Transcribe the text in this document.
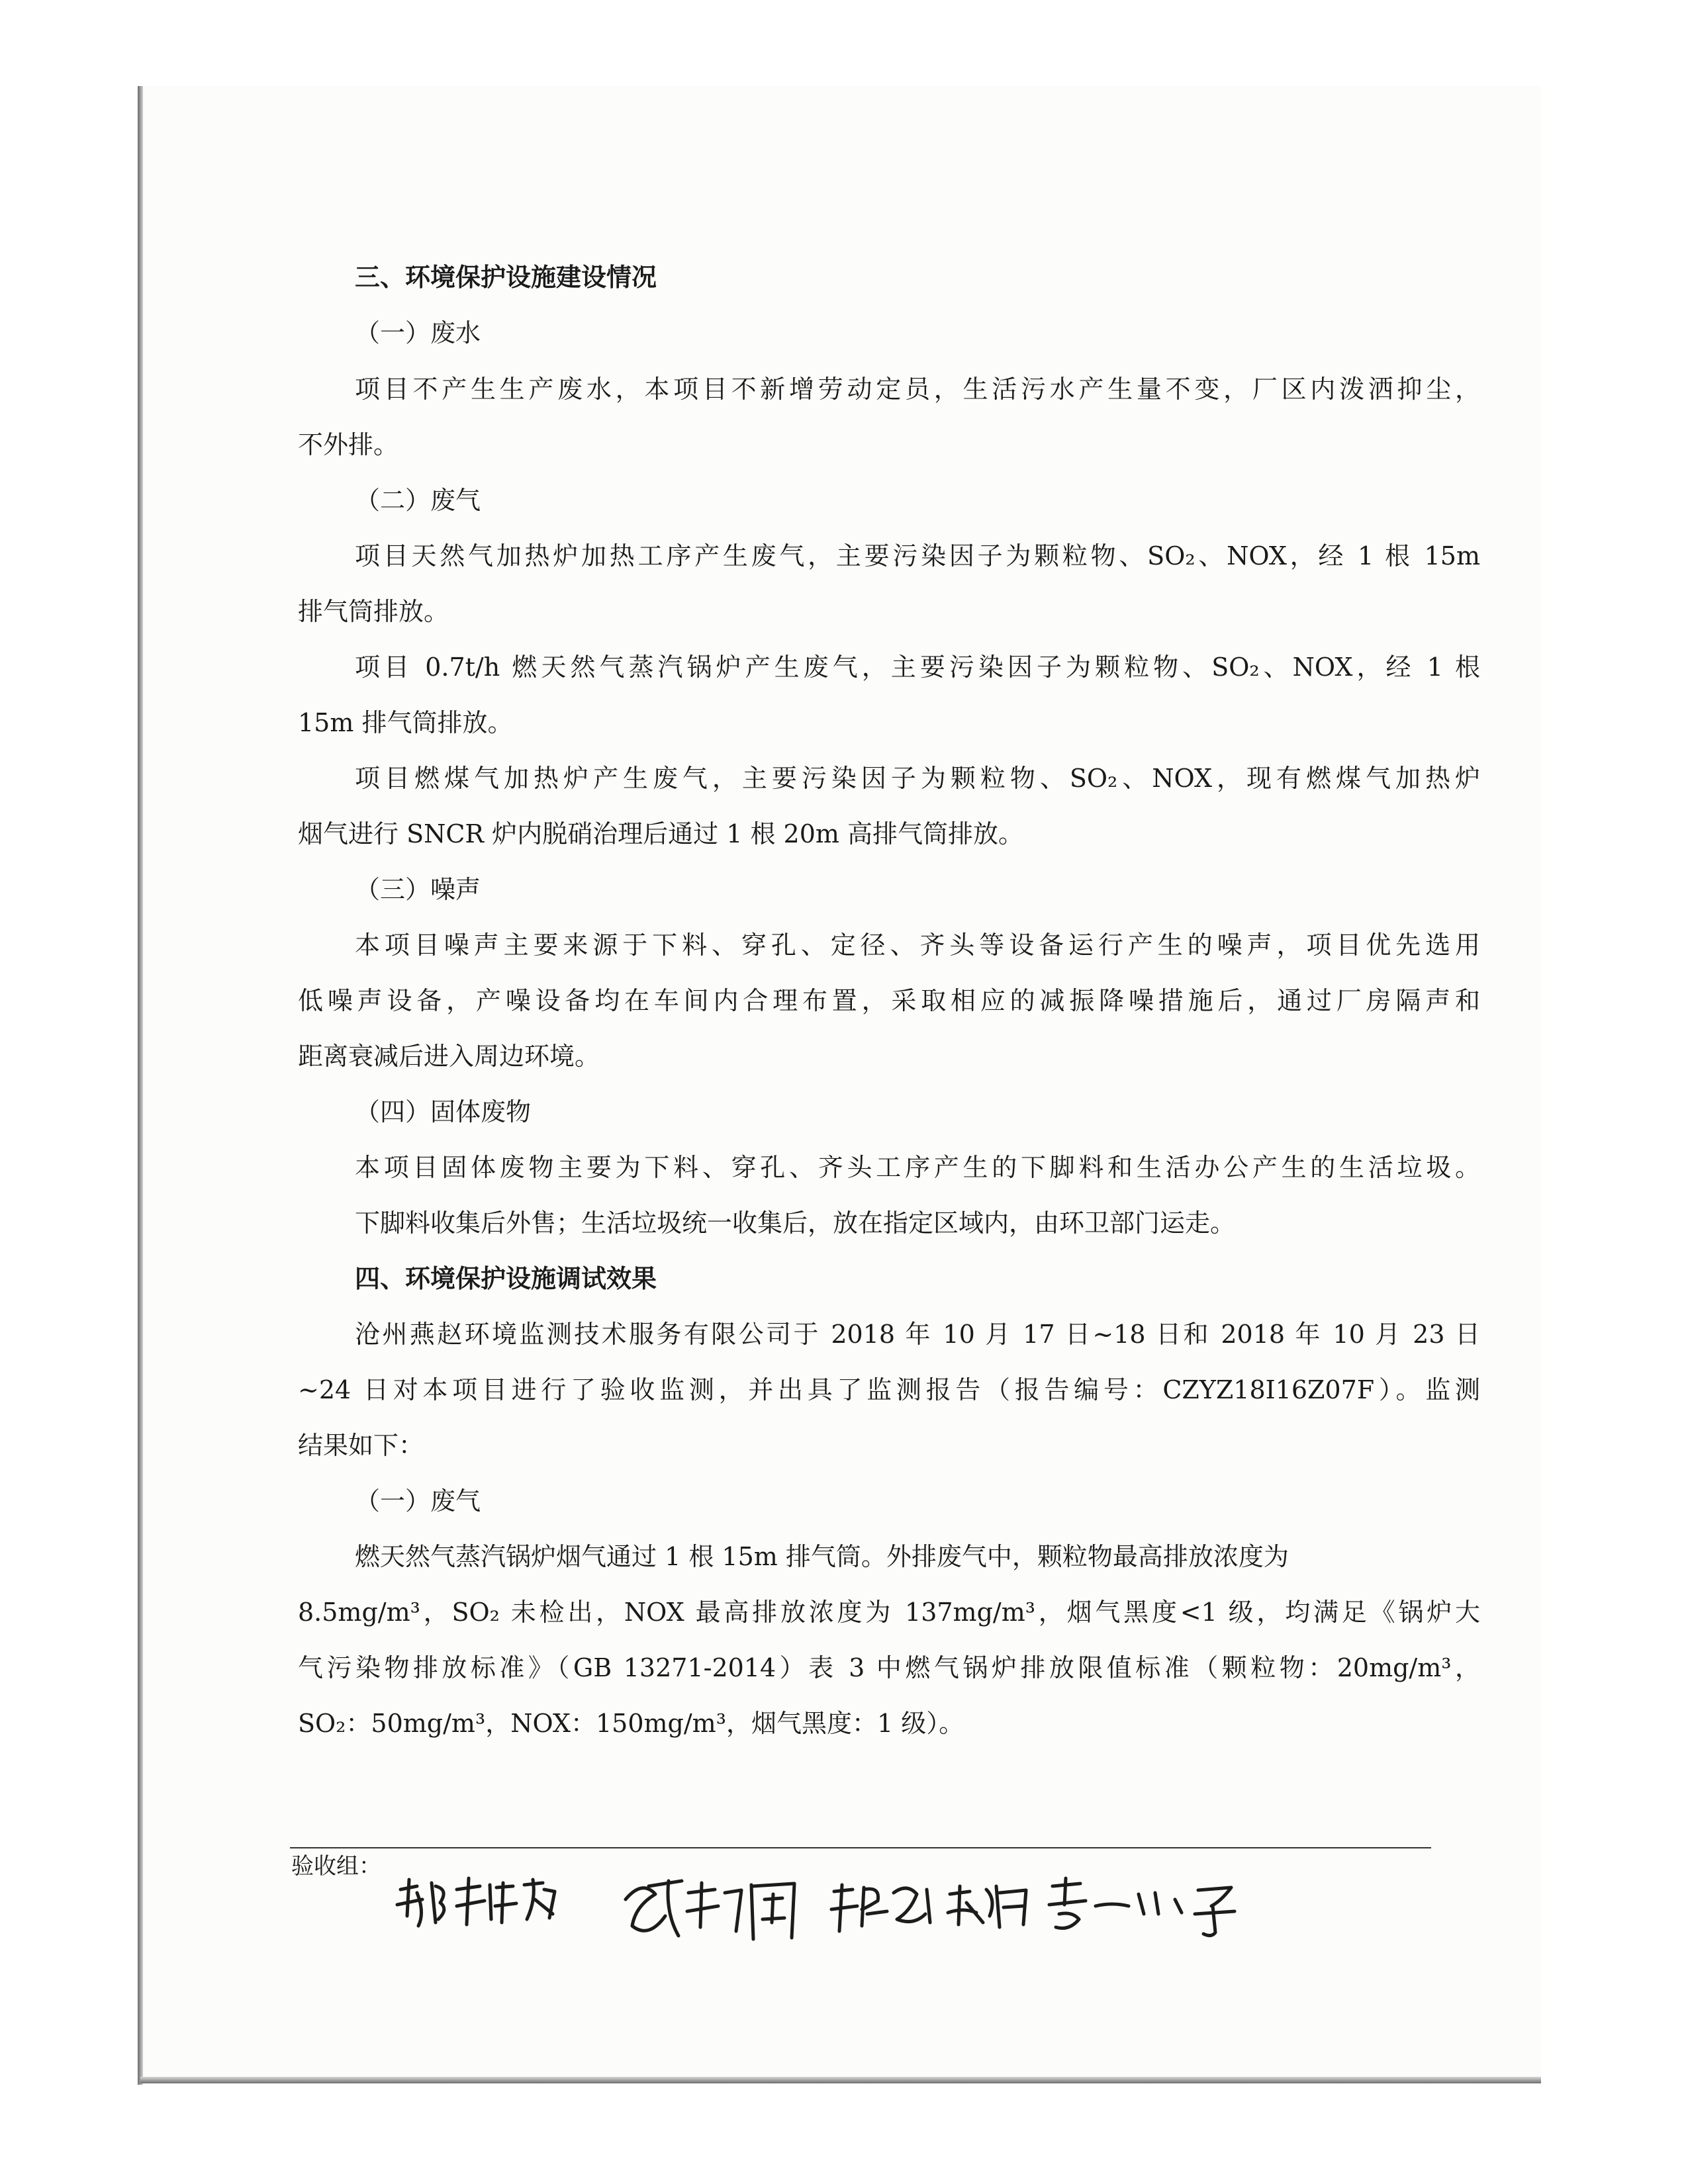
三、环境保护设施建设情况
（一）废水
项目不产生生产废水，本项目不新增劳动定员，生活污水产生量不变，厂区内泼洒抑尘，
不外排。
（二）废气
项目天然气加热炉加热工序产生废气，主要污染因子为颗粒物、SO₂、NOX，经 1 根 15m
排气筒排放。
项目 0.7t/h 燃天然气蒸汽锅炉产生废气，主要污染因子为颗粒物、SO₂、NOX，经 1 根
15m 排气筒排放。
项目燃煤气加热炉产生废气，主要污染因子为颗粒物、SO₂、NOX，现有燃煤气加热炉
烟气进行 SNCR 炉内脱硝治理后通过 1 根 20m 高排气筒排放。
（三）噪声
本项目噪声主要来源于下料、穿孔、定径、齐头等设备运行产生的噪声，项目优先选用
低噪声设备，产噪设备均在车间内合理布置，采取相应的减振降噪措施后，通过厂房隔声和
距离衰减后进入周边环境。
（四）固体废物
本项目固体废物主要为下料、穿孔、齐头工序产生的下脚料和生活办公产生的生活垃圾。
下脚料收集后外售；生活垃圾统一收集后，放在指定区域内，由环卫部门运走。
四、环境保护设施调试效果
沧州燕赵环境监测技术服务有限公司于 2018 年 10 月 17 日~18 日和 2018 年 10 月 23 日
~24 日对本项目进行了验收监测，并出具了监测报告（报告编号：CZYZ18I16Z07F）。监测
结果如下：
（一）废气
燃天然气蒸汽锅炉烟气通过 1 根 15m 排气筒。外排废气中，颗粒物最高排放浓度为
8.5mg/m³，SO₂ 未检出，NOX 最高排放浓度为 137mg/m³，烟气黑度<1 级，均满足《锅炉大
气污染物排放标准》（GB 13271-2014）表 3 中燃气锅炉排放限值标准（颗粒物：20mg/m³，
SO₂：50mg/m³，NOX：150mg/m³，烟气黑度：1 级）。
验收组：
